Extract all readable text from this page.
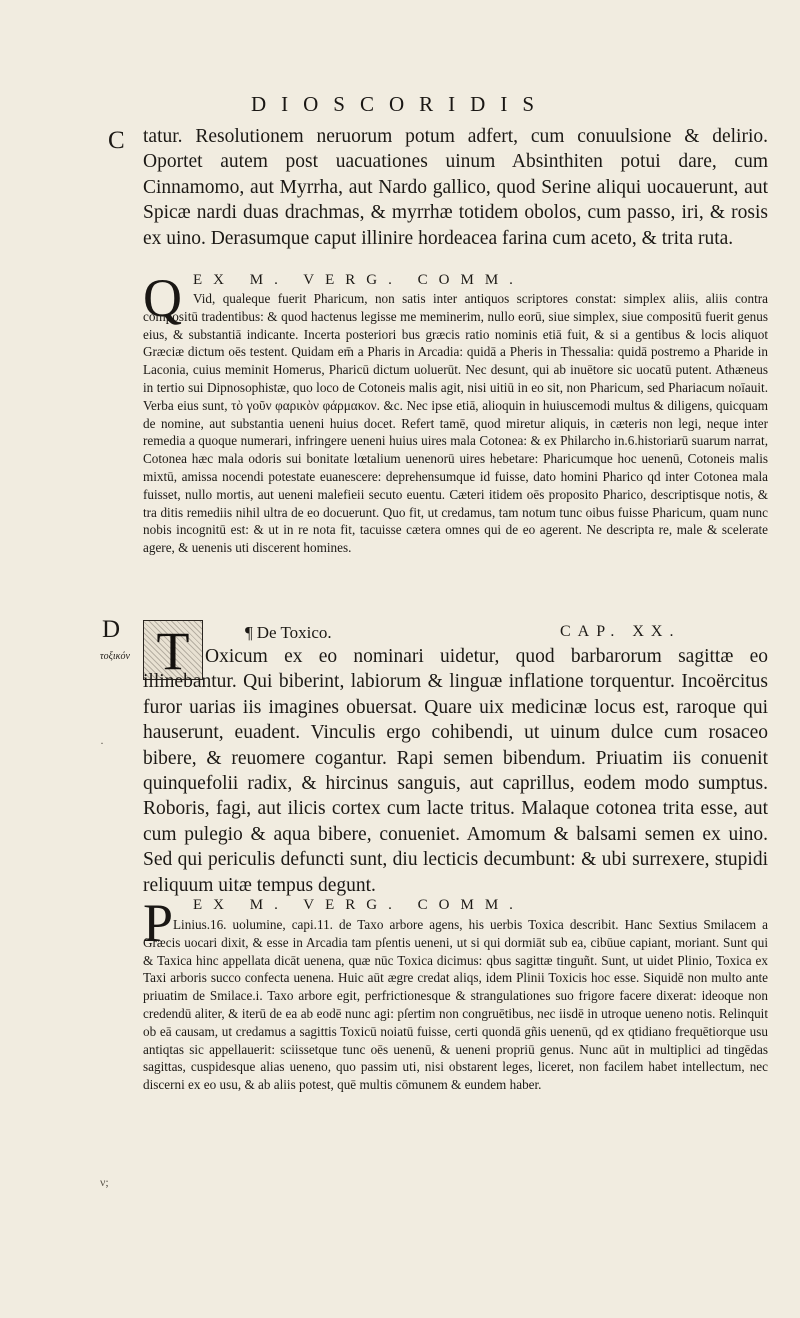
DIOSCORIDIS
C
D
τοξικόν
·
ν;
tatur. Resolutionem neruorum potum adfert, cum conuulsione & delirio. Oportet autem post uacuationes uinum Absinthiten potui dare, cum Cinnamomo, aut Myrrha, aut Nardo gallico, quod Serine aliqui uocauerunt, aut Spicæ nardi duas drachmas, & myrrhæ totidem obolos, cum passo, iri, & rosis ex uino. Derasumque caput illinire hordeacea farina cum aceto, & trita ruta.
Q EX M. VERG. COMM.
Vid, qualeque fuerit Pharicum, non satis inter antiquos scriptores constat: simplex aliis, aliis contra compositū tradentibus: & quod hactenus legisse me meminerim, nullo eorū, siue simplex, siue compositū fuerit genus eius, & substantiā indicante. Incerta posteriori bus græcis ratio nominis etiā fuit, & si a gentibus & locis aliquot Græciæ dictum oēs testent. Quidam em̄ a Pharis in Arcadia: quidā a Pheris in Thessalia: quidā postremo a Pharide in Laconia, cuius meminit Homerus, Pharicū dictum uoluerūt. Nec desunt, qui ab inuētore sic uocatū putent. Athæneus in tertio sui Dipnosophistæ, quo loco de Cotoneis malis agit, nisi uitiū in eo sit, non Pharicum, sed Phariacum noīauit. Verba eius sunt, τὸ γοῦν φαρικὸν φάρμακον. &c. Nec ipse etiā, alioquin in huiuscemodi multus & diligens, quicquam de nomine, aut substantia ueneni huius docet. Refert tamē, quod miretur aliquis, in cæteris non legi, neque inter remedia a quoque numerari, infringere ueneni huius uires mala Cotonea: & ex Philarcho in.6.historiarū suarum narrat, Cotonea hæc mala odoris sui bonitate lœtalium uenenorū uires hebetare: Pharicumque hoc uenenū, Cotoneis malis mixtū, amissa nocendi potestate euanescere: deprehensumque id fuisse, dato homini Pharico qd inter Cotonea mala fuisset, nullo mortis, aut ueneni malefieii secuto euentu. Cæteri itidem oēs proposito Pharico, descriptisque notis, & tra ditis remediis nihil ultra de eo docuerunt. Quo fit, ut credamus, tam notum tunc oibus fuisse Pharicum, quam nunc nobis incognitū est: & ut in re nota fit, tacuisse cætera omnes qui de eo agerent. Ne descripta re, male & scelerate agere, & uenenis uti discerent homines.
T	¶ De Toxico.	CAP. XX.
Oxicum ex eo nominari uidetur, quod barbarorum sagittæ eo illinebantur. Qui biberint, labiorum & linguæ inflatione torquentur. Incoërcitus furor uarias iis imagines obuersat. Quare uix medicinæ locus est, raroque qui hauserunt, euadent. Vinculis ergo cohibendi, ut uinum dulce cum rosaceo bibere, & reuomere cogantur. Rapi semen bibendum. Priuatim iis conuenit quinquefolii radix, & hircinus sanguis, aut caprillus, eodem modo sumptus. Roboris, fagi, aut ilicis cortex cum lacte tritus. Malaque cotonea trita esse, aut cum pulegio & aqua bibere, conueniet. Amomum & balsami semen ex uino. Sed qui periculis defuncti sunt, diu lecticis decumbunt: & ubi surrexere, stupidi reliquum uitæ tempus degunt.
P EX M. VERG. COMM.
Linius.16. uolumine, capi.11. de Taxo arbore agens, his uerbis Toxica describit. Hanc Sextius Smilacem a Græcis uocari dixit, & esse in Arcadia tam pſentis ueneni, ut si qui dormiāt sub ea, cibūue capiant, moriant. Sunt qui & Taxica hinc appellata dicāt uenena, quæ nūc Toxica dicimus: qbus sagittæ tinguñt. Sunt, ut uidet Plinio, Toxica ex Taxi arboris succo confecta uenena. Huic aūt ægre credat aliqs, idem Plinii Toxicis hoc esse. Siquidē non multo ante priuatim de Smilace.i. Taxo arbore egit, perfrictionesque & strangulationes suo frigore facere dixerat: ideoque non credendū aliter, & iterū de ea ab eodē nunc agi: pſertim non congruētibus, nec iisdē in utroque ueneno notis. Relinquit ob eā causam, ut credamus a sagittis Toxicū noiatū fuisse, certi quondā gñis uenenū, qd ex qtidiano frequētiorque usu antiqtas sic appellauerit: sciissetque tunc oēs uenenū, & ueneni propriū genus. Nunc aūt in multiplici ad tingēdas sagittas, cuspidesque alias ueneno, quo passim uti, nisi obstarent leges, liceret, non facilem habet intellectum, nec discerni ex eo usu, & ab aliis potest, quē multis cōmunem & eundem haber.
